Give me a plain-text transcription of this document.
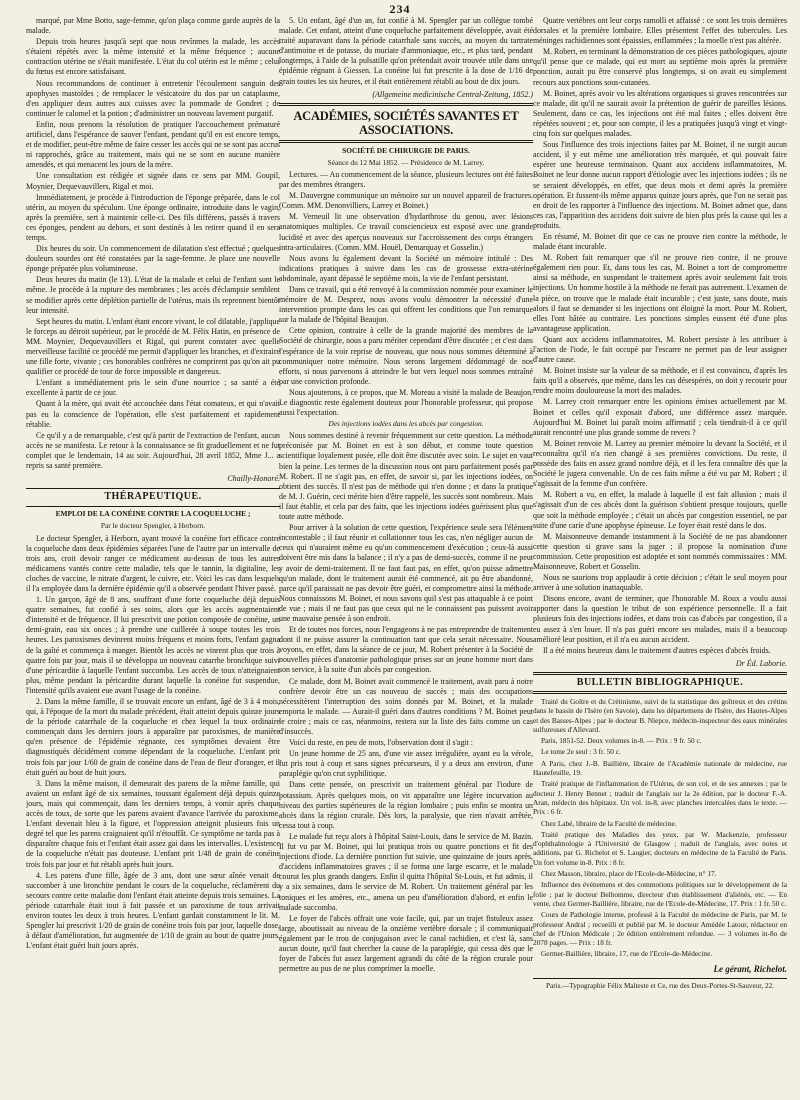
234

marqué, par Mme Botto, sage-femme, qu'on plaça comme garde auprès de la malade.

Depuis trois heures jusqu'à sept que nous revînmes la malade, les accès s'étaient répétés avec la même intensité et la même fréquence ; aucune contraction utérine ne s'était manifestée. L'état du col utérin est le même ; celui du fœtus est encore satisfaisant.

Nous recommandons de continuer à entretenir l'écoulement sanguin des apophyses mastoïdes ; de remplacer le vésicatoire du dos par un cataplasme, d'en appliquer deux autres aux cuisses avec la pommade de Gondret ; de continuer le calomel et la potion ; d'administrer un nouveau lavement purgatif.

Enfin, nous prenons la résolution de pratiquer l'accouchement prématuré artificiel, dans l'espérance de sauver l'enfant, pendant qu'il en est encore temps, et de modifier, peut-être même de faire cesser les accès qui ne se sont pas accrus ni rapprochés, grâce au traitement, mais qui ne se sont en aucune manière amendés, et qui menacent les jours de la mère.

Une consultation est rédigée et signée dans ce sens par MM. Goupil, Moynier, Dequevauvillers, Rigal et moi.

Immédiatement, je procède à l'introduction de l'éponge préparée, dans le col utérin, au moyen du spéculum. Une éponge ordinaire, introduite dans le vagin, après la première, sert à maintenir celle-ci. Des fils différens, passés à travers ces éponges, pendent au dehors, et sont destinés à les retirer quand il en sera temps.

Dix heures du soir. Un commencement de dilatation s'est effectué ; quelques douleurs sourdes ont été constatées par la sage-femme. Je place une nouvelle éponge préparée plus volumineuse.

Deux heures du matin (le 13). L'état de la malade et celui de l'enfant sont le même. Je procède à la rupture des membranes ; les accès d'éclampsie semblent se modifier après cette déplétion partielle de l'utérus, mais ils reprennent bientôt leur intensité.

Sept heures du matin. L'enfant étant encore vivant, le col dilatable, j'applique le forceps au détroit supérieur, par le procédé de M. Félix Hatin, en présence de MM. Moynier, Dequevauvillers et Rigal, qui purent constater avec quelle merveilleuse facilité ce procédé me permit d'appliquer les branches, et d'extraire une fille forte, vivante ; ces honorables confrères ne comprirent pas qu'on ait pu qualifier ce procédé de tour de force impossible et dangereux.

L'enfant a immédiatement pris le sein d'une nourrice ; sa santé a été excellente à partir de ce jour.

Quant à la mère, qui avait été accouchée dans l'état comateux, et qui n'avait pas eu la conscience de l'opération, elle s'est parfaitement et rapidement rétablie.

Ce qu'il y a de remarquable, c'est qu'à partir de l'extraction de l'enfant, aucun accès ne se manifesta. Le retour à la connaissance se fit graduellement et ne fut complet que le lendemain, 14 au soir. Aujourd'hui, 28 avril 1852, Mme J... a repris sa santé première.

Chailly-Honoré.
THÉRAPEUTIQUE.
EMPLOI DE LA CONÉINE CONTRE LA COQUELUCHE ;
Par le docteur Spengler, à Herborn.

Le docteur Spengler, à Herborn, ayant trouvé la conéine fort efficace contre la coqueluche dans deux épidémies séparées l'une de l'autre par un intervalle de trois ans, croit devoir ranger ce médicament au-dessus de tous les autres médicamens vantés contre cette maladie, tels que le tannin, la digitaline, les cloches de vaccine, le nitrate d'argent, le cuivre, etc. Voici les cas dans lesquels il l'a employée dans la dernière épidémie qu'il a observée pendant l'hiver passé.

1. Un garçon, âgé de 8 ans, souffrant d'une forte coqueluche déjà depuis quatre semaines, fut confié à ses soins, alors que les accès augmentaient d'intensité et de fréquence. Il lui prescrivit une potion composée de conéine, un demi-grain, eau six onces ; à prendre une cuillerée à soupe toutes les trois heures. Les paroxismes devinrent moins fréquens et moins forts, l'enfant gagna de la gaîté et commença à manger. Bientôt les accès ne vinrent plus que trois à quatre fois par jour, mais il se développa un nouveau catarrhe bronchique suivi d'une péricardite à laquelle l'enfant succomba. Les accès de toux n'atteignaient plus, même pendant la péricardite durant laquelle la conéine fut suspendue, l'intensité qu'ils avaient eue avant l'usage de la conéine.

2. Dans la même famille, il se trouvait encore un enfant, âgé de 3 à 4 mois, qui, à l'époque de la mort du malade précédent, était atteint depuis quinze jours de la période catarrhale de la coqueluche et chez lequel la toux ordinaire commençait dans les derniers jours à apparaître par paroxismes, de manière qu'en présence de l'épidémie régnante, ces symptômes devaient être diagnostiqués décidément comme dépendant de la coqueluche. L'enfant prit trois fois par jour 1/60 de grain de conéine dans de l'eau de fleur d'oranger, et il était guéri au bout de huit jours.

3. Dans la même maison, il demeurait des parens de la même famille, qui avaient un enfant âgé de six semaines, toussant également déjà depuis quinze jours, mais qui commençait, dans les derniers temps, à vomir après chaque accès de toux, de sorte que les parens avaient d'avance l'arrivée du paroxisme. L'enfant devenait bleu à la figure, et l'oppression atteignit plusieurs fois un degré tel que les parens craignaient qu'il n'étouffât. Ce symptôme ne tarda pas à disparaître chaque fois et l'enfant était assez gai dans les intervalles. L'existence de la coqueluche n'était pas douteuse. L'enfant prit 1/48 de grain de conéine trois fois par jour et fut rétabli après huit jours.

4. Les parens d'une fille, âgée de 3 ans, dont une sœur aînée venait de succomber à une bronchite pendant le cours de la coqueluche, réclamèrent du secours contre cette maladie dont l'enfant était atteinte depuis trois semaines. La période catarrhale était tout à fait passée et un paroxisme de toux arrivait environ toutes les deux à trois heures. L'enfant gardait constamment le lit. M. Spengler lui prescrivit 1/20 de grain de conéine trois fois par jour, laquelle dose, à défaut d'amélioration, fut augmentée de 1/10 de grain au bout de quatre jours. L'enfant était guéri huit jours après.

5. Un enfant, âgé d'un an, fut confié à M. Spengler par un collègue tombé malade. Cet enfant, atteint d'une coqueluche parfaitement développée, avait été traité auparavant dans la période catarrhale sans succès, au moyen du tartrate d'antimoine et de potasse, du muriate d'ammoniaque, etc., et plus tard, pendant longtemps, à l'aide de la pulsatille qu'on prétendait avoir trouvée utile dans une épidémie régnant à Giessen. La conéine lui fut prescrite à la dose de 1/16 de grain toutes les six heures, et il était entièrement rétabli au bout de dix jours.

(Allgemeine medicinische Central-Zeitung, 1852.)
ACADÉMIES, SOCIÉTÉS SAVANTES ET ASSOCIATIONS.
SOCIÉTÉ DE CHIRURGIE DE PARIS.
Séance du 12 Mai 1852. — Présidence de M. Larrey.

Lectures. — Au commencement de la séance, plusieurs lectures ont été faites par des membres étrangers.

M. Dauvergne communique un mémoire sur un nouvel appareil de fractures. (Comm. MM. Denonvilliers, Larrey et Boinet.)

M. Verneuil lit une observation d'hydarthrose du genou, avec lésions anatomiques multiples. Ce travail consciencieux est exposé avec une grande lucidité et avec des aperçus nouveaux sur l'accroissement des corps étrangers intra-articulaires. (Comm. MM. Houël, Demarquay et Gosselin.)

Nous avons lu également devant la Société un mémoire intitulé : Des indications pratiques à suivre dans les cas de grossesse extra-utérine abdominale, ayant dépassé le septième mois, la vie de l'enfant persistant.

Dans ce travail, qui a été renvoyé à la commission nommée pour examiner le mémoire de M. Desprez, nous avons voulu démontrer la nécessité d'une intervention prompte dans les cas qui offrent les conditions que l'on remarque sur la malade de l'hôpital Beaujon.

Cette opinion, contraire à celle de la grande majorité des membres de la Société de chirurgie, nous a paru mériter cependant d'être discutée ; et c'est dans l'espérance de la voir reprise de nouveau, que nous nous sommes déterminé à communiquer notre mémoire. Nous serons largement dédommagé de nos efforts, si nous parvenons à atteindre le but vers lequel nous sommes entraîné par une conviction profonde.

Nous ajouterons, à ce propos, que M. Moreau a visité la malade de Beaujon. Le diagnostic reste également douteux pour l'honorable professeur, qui propose aussi l'expectation.

Des injections iodées dans les abcès par congestion.

Nous sommes destiné à revenir fréquemment sur cette question. La méthode préconisée par M. Boinet en est à son début, et comme toute question scientifique loyalement posée, elle doit être discutée avec soin. Le sujet en vaut bien la peine. Les termes de la discussion nous ont paru parfaitement posés par M. Robert. Il ne s'agit pas, en effet, de savoir si, par les injections iodées, on obtient des succès. Il n'est pas de méthode qui n'en donne ; et dans la pratique de M. J. Guérin, ceci mérite bien d'être rappelé, les succès sont nombreux. Mais il faut établir, et cela par des faits, que les injections iodées guérissent plus que toute autre méthode.

Pour arriver à la solution de cette question, l'expérience seule sera l'élément incontestable ; il faut réunir et collationner tous les cas, n'en négliger aucun de ceux qui n'auraient même eu qu'un commencement d'exécution ; ceux-là aussi doivent être mis dans la balance ; il n'y a pas de demi-succès, comme il ne peut y avoir de demi-traitement. Il ne faut faut pas, en effet, qu'on puisse admettre qu'un malade, dont le traitement aurait été commencé, ait pu être abandonné, parce qu'il paraissait ne pas devoir être guéri, et compromettre ainsi la méthode. Nous connaissons M. Boinet, et nous savons quil s'est pas attaquable à ce point de vue ; mais il ne faut pas que ceux qui ne le connaissent pas puissent avoir une mauvaise pensée à son endroit.

Et de toutes nos forces, nous l'engageons à ne pas entreprendre de traitement dont il ne puisse assurer la continuation tant que cela serait nécessaire. Nous voyons, en effet, dans la séance de ce jour, M. Robert présenter à la Société de nouvelles pièces d'anatomie pathologique prises sur un jeune homme mort dans son service, à la suite d'un abcès par congestion.

Ce malade, dont M. Boinet avait commencé le traitement, avait paru à notre confrère devoir être un cas nouveau de succès ; mais des occupations nécessitèrent l'interruption des soins donnés par M. Boinet, et la malade emporta le malade. — Aurait-il guéri dans d'autres conditions ? M. Boinet peut le croire ; mais ce cas, néanmoins, restera sur la liste des faits comme un cas d'insuccès.

Voici du reste, en peu de mots, l'observation dont il s'agit :

Un jeune homme de 25 ans, d'une vie assez irrégulière, ayant eu la vérole, fut pris tout à coup et sans signes précurseurs, il y a deux ans environ, d'une paraplégie qu'on crut syphilitique.

Dans cette pensée, on prescrivit un traitement général par l'iodure de potassium. Après quelques mois, on vit apparaître une légère incurvation au niveau des parties supérieures de la région lombaire ; puis enfin se montra un abcès dans la région crurale. Dès lors, la paralysie, que rien n'avait arrêtée, cessa tout à coup.

Le malade fut reçu alors à l'hôpital Saint-Louis, dans le service de M. Bazin. Il fut vu par M. Boinet, qui lui pratiqua trois ou quatre ponctions et fit des injections d'iode. La dernière ponction fut suivie, une quinzaine de jours après, d'accidens inflammatoires graves ; il se forma une large escarre, et le malade courut les plus grands dangers. Enfin il quitta l'hôpital St-Louis, et fut admis, il y a six semaines, dans le service de M. Robert. Un traitement général par les toniques et les amères, etc., amena un peu d'amélioration d'abord, et enfin le malade succomba.

Le foyer de l'abcès offrait une voie facile, qui, par un trajet fistuleux assez large, aboutissait au niveau de la onzième vertèbre dorsale ; il communiquait également par le trou de conjugaison avec le canal rachidien, et c'est là, sans aucun doute, qu'il faut chercher la cause de la paraplégie, qui cessa dès que le foyer de l'abcès fut assez largement agrandi du côté de la région crurale pour permettre au pus de ne plus comprimer la moelle.

Quatre vertèbres ont leur corps ramolli et affaissé : ce sont les trois dernières dorsales et la première lombaire. Elles présentent l'effet des tubercules. Les méninges rachidiennes sont épaissies, enflammées ; la moelle n'est pas altérée.

M. Robert, en terminant la démonstration de ces pièces pathologiques, ajoute qu'il pense que ce malade, qui est mort au septième mois après la première ponction, aurait pu être conservé plus longtemps, si on avait eu simplement recours aux ponctions sous-cutanées.

M. Boinet, après avoir vu les altérations organiques si graves rencontrées sur ce malade, dit qu'il ne saurait avoir la prétention de guérir de pareilles lésions. Seulement, dans ce cas, les injections ont été mal faites ; elles doivent être répétées souvent ; et, pour son compte, il les a pratiquées jusqu'à vingt et vingt-cinq fois sur quelques malades.

Sous l'influence des trois injections faites par M. Boinet, il ne surgit aucun accident, il y eut même une amélioration très marquée, et qui pouvait faire espérer une heureuse terminaison. Quant aux accidens inflammatoires, M. Boinet ne leur donne aucun rapport d'étiologie avec les injections iodées ; ils ne se seraient développés, en effet, que deux mois et demi après la première opération. Et fussent-ils même apparus quinze jours après, que l'on ne serait pas en droit de les rapporter à l'influence des injections. M. Boinet admet que, dans ces cas, l'apparition des accidens doit suivre de bien plus près la cause qui les a produits.

En résumé, M. Boinet dit que ce cas ne prouve rien contre la méthode, le malade étant incurable.

M. Robert fait remarquer que s'il ne prouve rien contre, il ne prouve également rien pour. Et, dans tous les cas, M. Boinet a tort de compromettre ainsi sa méthode, en suspendant le traitement après avoir seulement fait trois injections. Un homme hostile à la méthode ne ferait pas autrement. L'examen de la pièce, on trouve que le malade était incurable ; c'est juste, sans doute, mais alors il faut se demander si les injections ont éloigné la mort. Pour M. Robert, elles l'ont hâtée au contraire. Les ponctions simples eussent été d'une plus avantageuse application.

Quant aux accidens inflammatoires, M. Robert persiste à les attribuer à l'action de l'iode, le fait occupé par l'escarre ne permet pas de leur assigner d'autre cause.

M. Boinet insiste sur la valeur de sa méthode, et il est convaincu, d'après les faits qu'il a observés, que même, dans les cas désespérés, on doit y recourir pour rendre moins douloureuse la mort des malades.

M. Larrey croit remarquer entre les opinions émises actuellement par M. Boinet et celles qu'il exposait d'abord, une différence assez marquée. Aujourd'hui M. Boinet lui paraît moins affirmatif ; cela tiendrait-il à ce qu'il aurait rencontré une plus grande somme de revers ?

M. Boinet renvoie M. Larrey au premier mémoire lu devant la Société, et il reconnaîtra qu'il n'a rien changé à ses premières convictions. Du reste, il possède des faits en assez grand nombre déjà, et il les fera connaître dès que la Société le jugera convenable. Un de ces faits même a été vu par M. Robert ; il s'agissait de la femme d'un confrère.

M. Robert a vu, en effet, la malade à laquelle il est fait allusion ; mais il s'agissait d'un de ces abcès dont la guérison s'obtient presque toujours, quelle que soit la méthode employée ; c'était un abcès par congestion essentiel, ne par suite d'une carie d'une apophyse épineuse. Le foyer était resté dans le dos.

M. Maisonneuve demande instamment à la Société de ne pas abandonner cette question si grave sans la juger ; il propose la nomination d'une commission. Cette proposition est adoptée et sont nommés commissaires : MM. Maisonneuve, Robert et Gosselin.

Nous ne saurions trop applaudir à cette décision ; c'était le seul moyen pour arriver à une solution inattaquable.

Disons encore, avant de terminer, que l'honorable M. Roux a voulu aussi apporter dans la question le tribut de son expérience personnelle. Il a fait plusieurs fois des injections iodées, et dans trois cas d'abcès par congestion, il a eu assez à s'en louer. Il n'a pas guéri encore ses malades, mais il a beaucoup amélioré leur position, et il n'a eu aucun accident.

Il a été moins heureux dans le traitement d'autres espèces d'abcès froids.

Dr Éd. Laborie.
BULLETIN BIBLIOGRAPHIQUE.

Traité du Goître et du Crétinisme, suivi de la statistique des goîtreux et des crétins dans le bassin de l'Isère (en Savoie), dans les départemens de l'Isère, des Hautes-Alpes et des Basses-Alpes ; par le docteur B. Niepce, médecin-inspecteur des eaux minérales sulfureuses d'Allevard.

Paris, 1851-52. Deux volumes in-8. — Prix : 9 fr. 50 c.

Le tome 2e seul : 3 fr. 50 c.

A Paris, chez J.-B. Baillière, libraire de l'Académie nationale de médecine, rue Hautefeuille, 19.

Traité pratique de l'inflammation de l'Utérus, de son col, et de ses annexes ; par le docteur J. Henry Bennet ; traduit de l'anglais sur la 2e édition, par le docteur F.-A. Aran, médecin des hôpitaux. Un vol. in-8, avec planches intercalées dans le texte. — Prix : 6 fr.

Chez Labé, libraire de la Faculté de médecine.

Traité pratique des Maladies des yeux, par W. Mackenzie, professeur d'ophthalmologie à l'Université de Glasgow ; traduit de l'anglais, avec notes et additions, par G. Richelot et S. Laugier, docteurs en médecine de la Faculté de Paris. Un fort volume in-8. Prix : 8 fr.

Chez Masson, libraire, place de l'Ecole-de-Médecine, n° 17.

Influence des événemens et des commotions politiques sur le développement de la folie ; par le docteur Belhomme, directeur d'un établissement d'aliénés, etc. — En vente, chez Germer-Baillière, libraire, rue de l'Ecole-de-Médecine, 17. Prix : 1 fr. 50 c.

Cours de Pathologie interne, professé à la Faculté de médecine de Paris, par M. le professeur Andral ; recueilli et publié par M. le docteur Amédée Latour, rédacteur en chef de l'Union Médicale ; 2e édition entièrement refondue. — 3 volumes in-8o de 2078 pages. — Prix : 18 fr.

Germer-Baillière, libraire, 17, rue de l'Ecole-de-Médecine.

Le gérant, Richelot.
Paris.—Typographie Félix Malteste et Ce, rue des Deux-Portes-St-Sauveur, 22.
